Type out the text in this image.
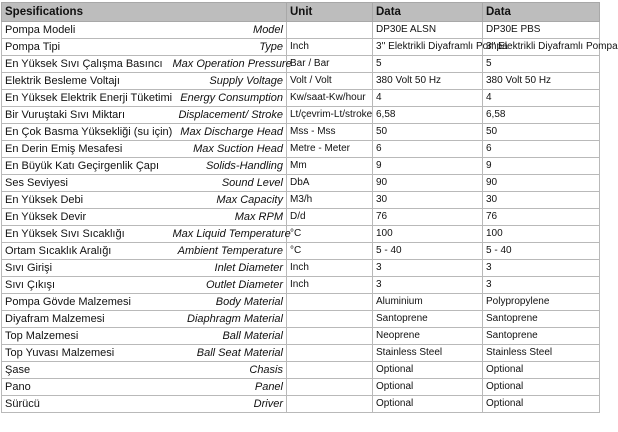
Spesifications		Unit	Data	Data
Pompa Modeli	Model		DP30E ALSN	DP30E PBS
Pompa Tipi	Type	Inch	3'' Elektrikli Diyaframlı Pompa	3'' Elektrikli Diyaframlı Pompa
En Yüksek Sıvı Çalışma Basıncı	Max Operation Pressure	Bar / Bar	5	5
Elektrik Besleme Voltajı	Supply Voltage	Volt / Volt	380 Volt 50 Hz	380 Volt 50 Hz
En Yüksek Elektrik Enerji Tüketimi	Energy Consumption	Kw/saat-Kw/hour	4	4
Bir Vuruştaki Sıvı Miktarı	Displacement/ Stroke	Lt/çevrim-Lt/stroke	6,58	6,58
En Çok Basma Yüksekliği (su için)	Max Discharge Head	Mss - Mss	50	50
En Derin Emiş Mesafesi	Max Suction Head	Metre - Meter	6	6
En Büyük Katı Geçirgenlik Çapı	Solids-Handling	Mm	9	9
Ses Seviyesi	Sound Level	DbA	90	90
En Yüksek Debi	Max Capacity	M3/h	30	30
En Yüksek Devir	Max RPM	D/d	76	76
En Yüksek Sıvı Sıcaklığı	Max Liquid Temperature	°C	100	100
Ortam Sıcaklık Aralığı	Ambient Temperature	°C	5 - 40	5 - 40
Sıvı Girişi	Inlet Diameter	Inch	3	3
Sıvı Çıkışı	Outlet Diameter	Inch	3	3
Pompa Gövde Malzemesi	Body Material		Aluminium	Polypropylene
Diyafram Malzemesi	Diaphragm Material		Santoprene	Santoprene
Top Malzemesi	Ball Material		Neoprene	Santoprene
Top Yuvası Malzemesi	Ball Seat Material		Stainless Steel	Stainless Steel
Şase	Chasis		Optional	Optional
Pano	Panel		Optional	Optional
Sürücü	Driver		Optional	Optional
